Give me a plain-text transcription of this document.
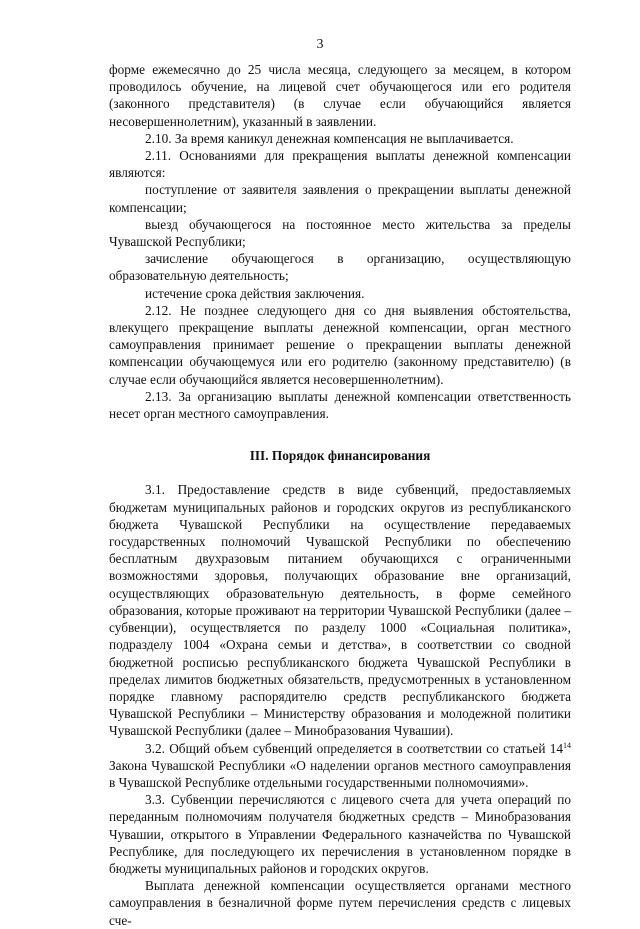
3

форме ежемесячно до 25 числа месяца, следующего за месяцем, в котором проводилось обучение, на лицевой счет обучающегося или его родителя (законного представителя) (в случае если обучающийся является несовершеннолетним), указанный в заявлении.

2.10. За время каникул денежная компенсация не выплачивается.

2.11. Основаниями для прекращения выплаты денежной компенсации являются:

поступление от заявителя заявления о прекращении выплаты денежной компенсации;

выезд обучающегося на постоянное место жительства за пределы Чувашской Республики;

зачисление обучающегося в организацию, осуществляющую образовательную деятельность;

истечение срока действия заключения.

2.12. Не позднее следующего дня со дня выявления обстоятельства, влекущего прекращение выплаты денежной компенсации, орган местного самоуправления принимает решение о прекращении выплаты денежной компенсации обучающемуся или его родителю (законному представителю) (в случае если обучающийся является несовершеннолетним).

2.13. За организацию выплаты денежной компенсации ответственность несет орган местного самоуправления.

III. Порядок финансирования

3.1. Предоставление средств в виде субвенций, предоставляемых бюджетам муниципальных районов и городских округов из республиканского бюджета Чувашской Республики на осуществление передаваемых государственных полномочий Чувашской Республики по обеспечению бесплатным двухразовым питанием обучающихся с ограниченными возможностями здоровья, получающих образование вне организаций, осуществляющих образовательную деятельность, в форме семейного образования, которые проживают на территории Чувашской Республики (далее – субвенции), осуществляется по разделу 1000 «Социальная политика», подразделу 1004 «Охрана семьи и детства», в соответствии со сводной бюджетной росписью республиканского бюджета Чувашской Республики в пределах лимитов бюджетных обязательств, предусмотренных в установленном порядке главному распорядителю средств республиканского бюджета Чувашской Республики – Министерству образования и молодежной политики Чувашской Республики (далее – Минобразования Чувашии).

3.2. Общий объем субвенций определяется в соответствии со статьей $14^{14}$ Закона Чувашской Республики «О наделении органов местного самоуправления в Чувашской Республике отдельными государственными полномочиями».

3.3. Субвенции перечисляются с лицевого счета для учета операций по переданным полномочиям получателя бюджетных средств – Минобразования Чувашии, открытого в Управлении Федерального казначейства по Чувашской Республике, для последующего их перечисления в установленном порядке в бюджеты муниципальных районов и городских округов.

Выплата денежной компенсации осуществляется органами местного самоуправления в безналичной форме путем перечисления средств с лицевых сче-
